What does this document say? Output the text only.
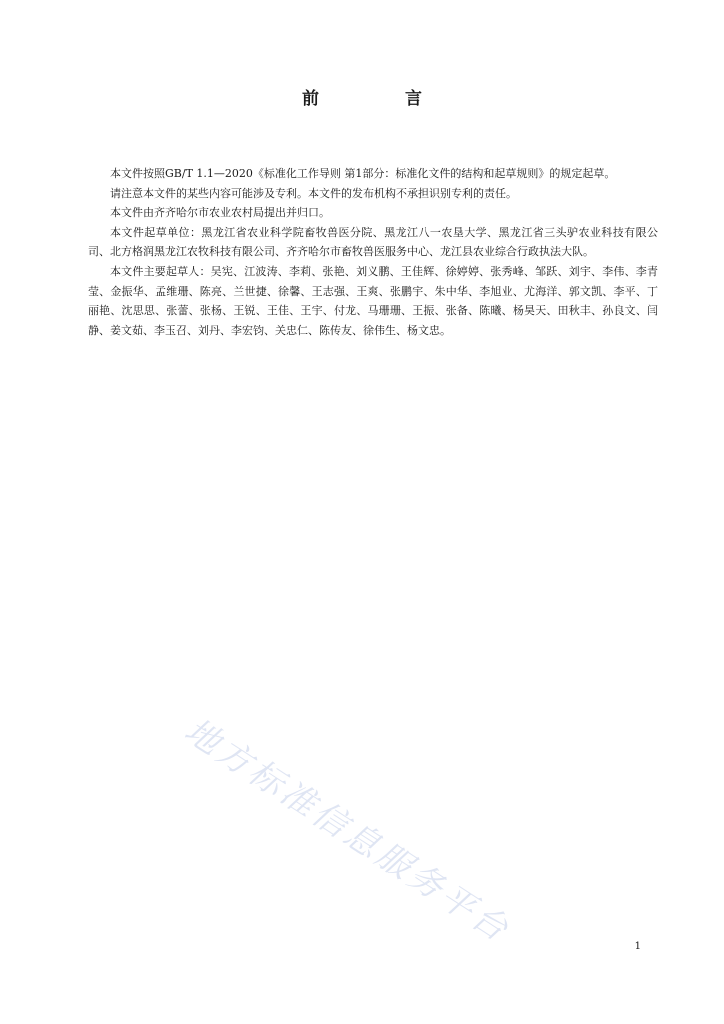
前 言

本文件按照GB/T 1.1—2020《标准化工作导则 第1部分：标准化文件的结构和起草规则》的规定起草。

请注意本文件的某些内容可能涉及专利。本文件的发布机构不承担识别专利的责任。

本文件由齐齐哈尔市农业农村局提出并归口。

本文件起草单位：黑龙江省农业科学院畜牧兽医分院、黑龙江八一农垦大学、黑龙江省三头驴农业科技有限公司、北方格润黑龙江农牧科技有限公司、齐齐哈尔市畜牧兽医服务中心、龙江县农业综合行政执法大队。

本文件主要起草人：吴宪、江波涛、李莉、张艳、刘义鹏、王佳辉、徐婷婷、张秀峰、邹跃、刘宇、李伟、李青莹、金振华、孟维珊、陈亮、兰世捷、徐馨、王志强、王爽、张鹏宇、朱中华、李旭业、尤海洋、郭文凯、李平、丁丽艳、沈思思、张蕾、张杨、王锐、王佳、王宇、付龙、马珊珊、王振、张备、陈曦、杨昊天、田秋丰、孙良文、闫静、姜文茹、李玉召、刘丹、李宏钧、关忠仁、陈传友、徐伟生、杨文忠。

地方标准信息服务平台	1
